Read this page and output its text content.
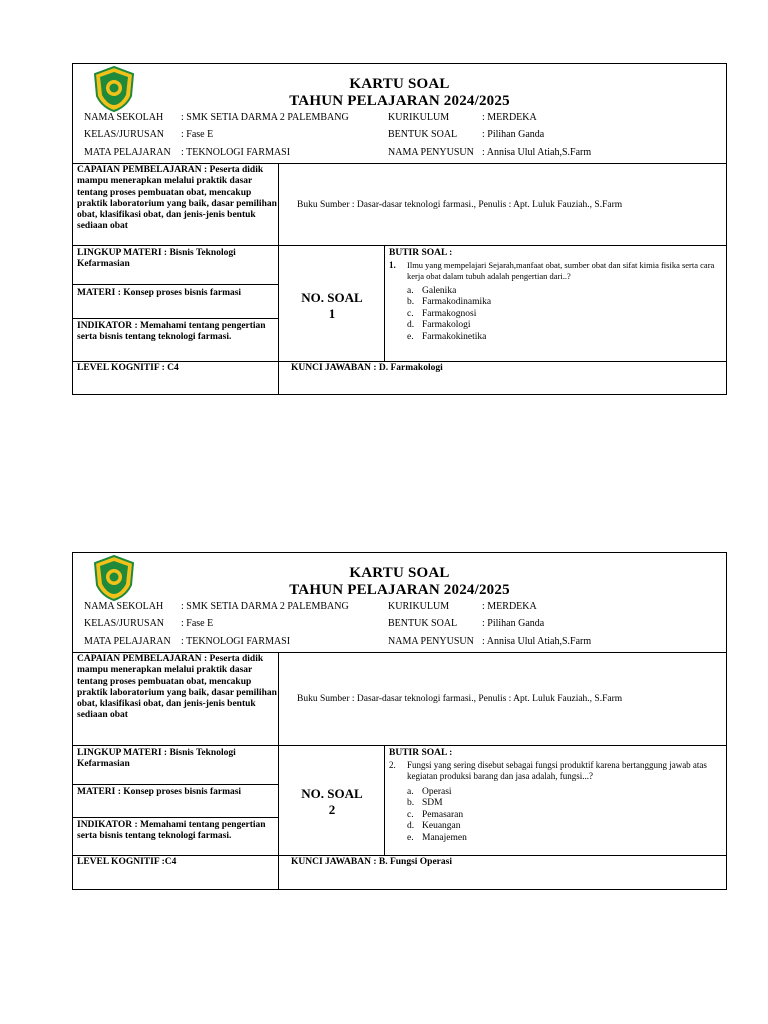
KARTU SOAL
TAHUN PELAJARAN 2024/2025
NAMA SEKOLAH : SMK SETIA DARMA 2 PALEMBANG
KELAS/JURUSAN : Fase E
MATA PELAJARAN : TEKNOLOGI FARMASI
KURIKULUM	: MERDEKA
BENTUK SOAL : Pilihan Ganda
NAMA PENYUSUN : Annisa Ulul Atiah,S.Farm
CAPAIAN PEMBELAJARAN : Peserta didik mampu menerapkan melalui praktik dasar tentang proses pembuatan obat, mencakup praktik laboratorium yang baik, dasar pemilihan obat, klasifikasi obat, dan jenis-jenis bentuk sediaan obat
Buku Sumber : Dasar-dasar teknologi farmasi., Penulis : Apt. Luluk Fauziah., S.Farm
LINGKUP MATERI : Bisnis Teknologi Kefarmasian
MATERI : Konsep proses bisnis farmasi
INDIKATOR : Memahami tentang pengertian serta bisnis tentang teknologi farmasi.
NO. SOAL
1
BUTIR SOAL :
1. Ilmu yang mempelajari Sejarah,manfaat obat, sumber obat dan sifat kimia fisika serta cara kerja obat dalam tubuh adalah pengertian dari..?
a. Galenika
b. Farmakodinamika
c. Farmakognosi
d. Farmakologi
e. Farmakokinetika
LEVEL KOGNITIF : C4	KUNCI JAWABAN : D. Farmakologi
KARTU SOAL
TAHUN PELAJARAN 2024/2025
NAMA SEKOLAH : SMK SETIA DARMA 2 PALEMBANG
KELAS/JURUSAN : Fase E
MATA PELAJARAN : TEKNOLOGI FARMASI
KURIKULUM	: MERDEKA
BENTUK SOAL : Pilihan Ganda
NAMA PENYUSUN : Annisa Ulul Atiah,S.Farm
CAPAIAN PEMBELAJARAN : Peserta didik mampu menerapkan melalui praktik dasar tentang proses pembuatan obat, mencakup praktik laboratorium yang baik, dasar pemilihan obat, klasifikasi obat, dan jenis-jenis bentuk sediaan obat
Buku Sumber : Dasar-dasar teknologi farmasi., Penulis : Apt. Luluk Fauziah., S.Farm
LINGKUP MATERI : Bisnis Teknologi Kefarmasian
MATERI : Konsep proses bisnis farmasi
INDIKATOR : Memahami tentang pengertian serta bisnis tentang teknologi farmasi.
NO. SOAL
2
BUTIR SOAL :
2. Fungsi yang sering disebut sebagai fungsi produktif karena bertanggung jawab atas kegiatan produksi barang dan jasa adalah, fungsi...?
a. Operasi
b. SDM
c. Pemasaran
d. Keuangan
e. Manajemen
LEVEL KOGNITIF :C4	KUNCI JAWABAN : B. Fungsi Operasi
